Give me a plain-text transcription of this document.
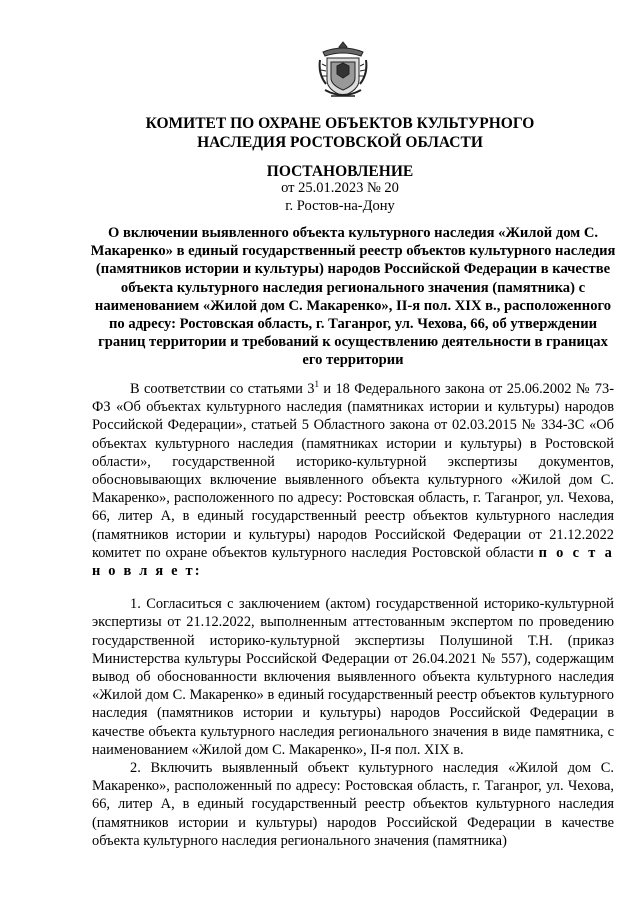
КОМИТЕТ ПО ОХРАНЕ ОБЪЕКТОВ КУЛЬТУРНОГО
НАСЛЕДИЯ РОСТОВСКОЙ ОБЛАСТИ
ПОСТАНОВЛЕНИЕ
от 25.01.2023 № 20
г. Ростов-на-Дону
О включении выявленного объекта культурного наследия «Жилой дом С. Макаренко» в единый государственный реестр объектов культурного наследия (памятников истории и культуры) народов Российской Федерации в качестве объекта культурного наследия регионального значения (памятника) с наименованием «Жилой дом С. Макаренко», II-я пол. XIX в., расположенного по адресу: Ростовская область, г. Таганрог, ул. Чехова, 66, об утверждении границ территории и требований к осуществлению деятельности в границах его территории

В соответствии со статьями $3^1$ и 18 Федерального закона от 25.06.2002 № 73-ФЗ «Об объектах культурного наследия (памятниках истории и культуры) народов Российской Федерации», статьей 5 Областного закона от 02.03.2015 № 334-ЗС «Об объектах культурного наследия (памятниках истории и культуры) в Ростовской области», государственной историко-культурной экспертизы документов, обосновывающих включение выявленного объекта культурного «Жилой дом С. Макаренко», расположенного по адресу: Ростовская область, г. Таганрог, ул. Чехова, 66, литер А, в единый государственный реестр объектов культурного наследия (памятников истории и культуры) народов Российской Федерации от 21.12.2022 комитет по охране объектов культурного наследия Ростовской области п о с т а н о в л я е т:

1. Согласиться с заключением (актом) государственной историко-культурной экспертизы от 21.12.2022, выполненным аттестованным экспертом по проведению государственной историко-культурной экспертизы Полушиной Т.Н. (приказ Министерства культуры Российской Федерации от 26.04.2021 № 557), содержащим вывод об обоснованности включения выявленного объекта культурного наследия «Жилой дом С. Макаренко» в единый государственный реестр объектов культурного наследия (памятников истории и культуры) народов Российской Федерации в качестве объекта культурного наследия регионального значения в виде памятника, с наименованием «Жилой дом С. Макаренко», II-я пол. XIX в.

2. Включить выявленный объект культурного наследия «Жилой дом С. Макаренко», расположенный по адресу: Ростовская область, г. Таганрог, ул. Чехова, 66, литер А, в единый государственный реестр объектов культурного наследия (памятников истории и культуры) народов Российской Федерации в качестве объекта культурного наследия регионального значения (памятника)
